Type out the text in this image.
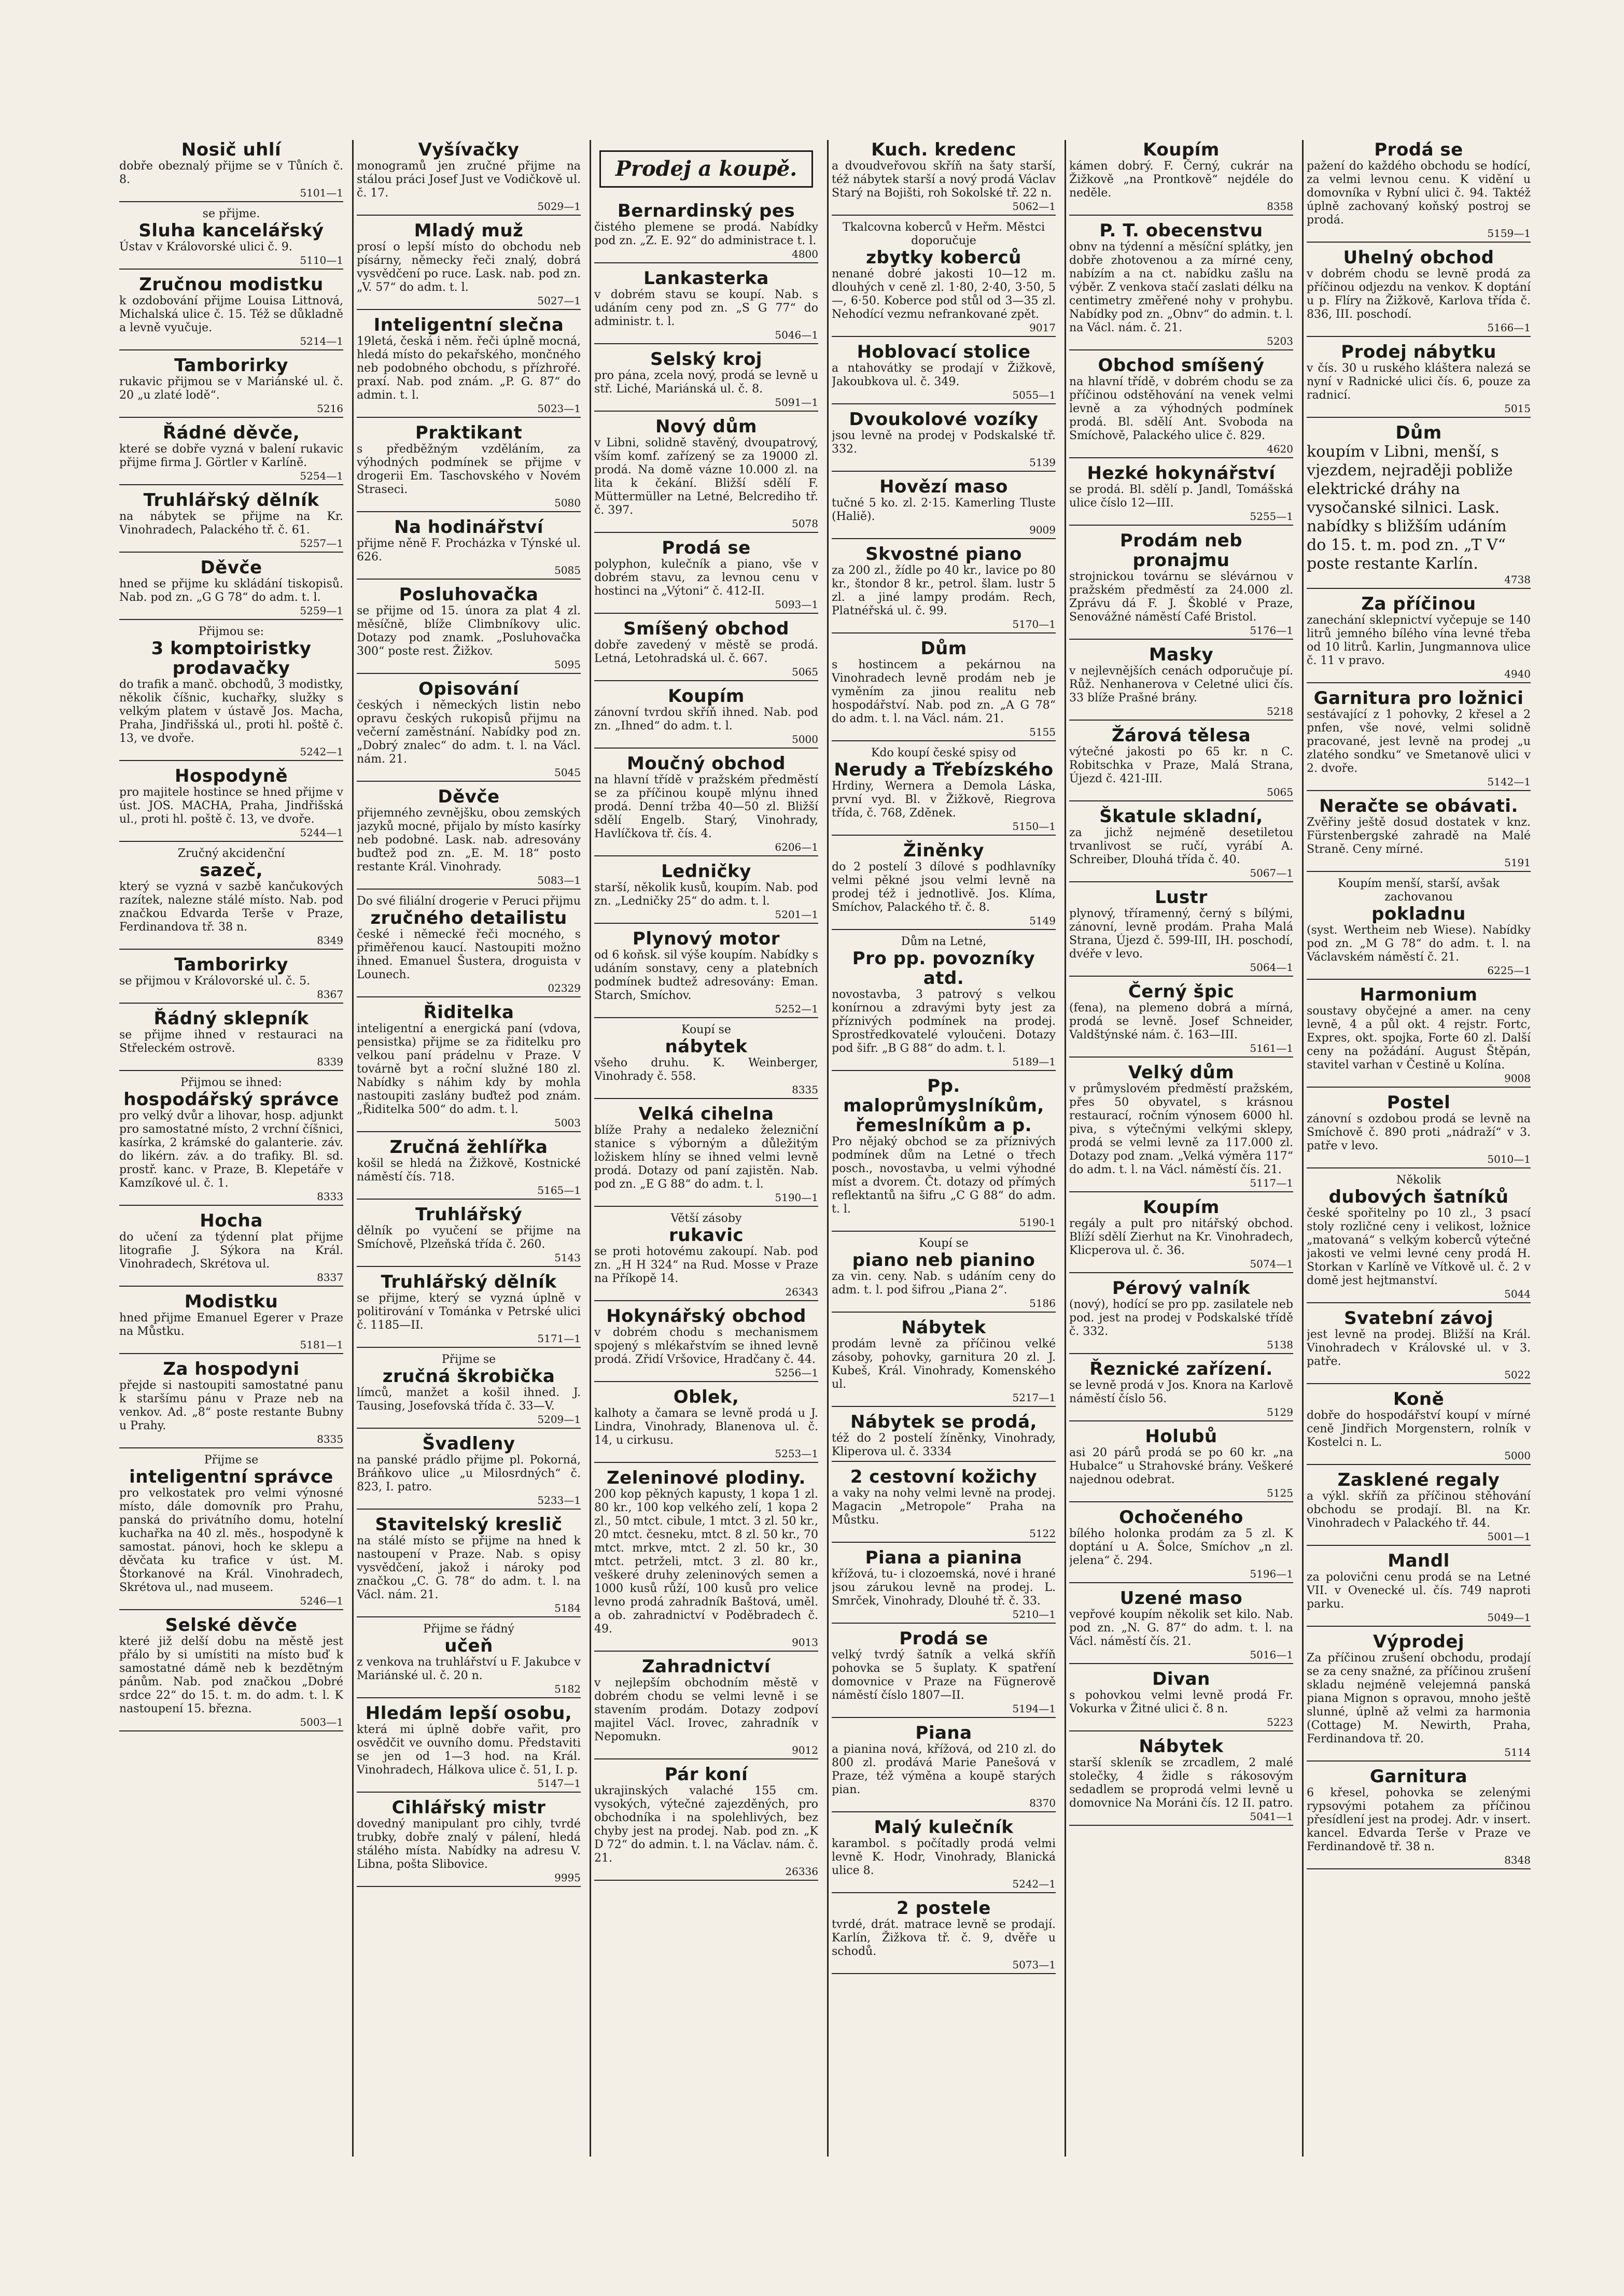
Nosič uhlí
dobře obeznalý přijme se v Tůních č. 8.
5101—1
se přijme.
Sluha kancelářský
Ústav v Královorské ulici č. 9.
5110—1
Zručnou modistku
k ozdobování přijme Louisa Littnová, Michalská ulice č. 15. Též se důkladně a levně vyučuje.
5214—1
Tamborirky
rukavic přijmou se v Mariánské ul. č. 20 „u zlaté lodě“.
5216
Řádné děvče,
které se dobře vyzná v balení rukavic přijme firma J. Görtler v Karlíně.
5254—1
Truhlářský dělník
na nábytek se přijme na Kr. Vinohradech, Palackého tř. č. 61.
5257—1
Děvče
hned se přijme ku skládání tiskopisů. Nab. pod zn. „G G 78“ do adm. t. l.
5259—1
Přijmou se:
3 komptoiristky prodavačky
do trafik a manč. obchodů, 3 modistky, několik číšnic, kuchařky, služky s velkým platem v ústavě Jos. Macha, Praha, Jindřišská ul., proti hl. poště č. 13, ve dvoře.
5242—1
Hospodyně
pro majitele hostince se hned přijme v úst. JOS. MACHA, Praha, Jindřišská ul., proti hl. poště č. 13, ve dvoře.
5244—1
Zručný akcidenční
sazeč,
který se vyzná v sazbě kančukových razítek, nalezne stálé místo. Nab. pod značkou Edvarda Terše v Praze, Ferdinandova tř. 38 n.
8349
Tamborirky
se přijmou v Královorské ul. č. 5.
8367
Řádný sklepník
se přijme ihned v restauraci na Střeleckém ostrově.
8339
Přijmou se ihned:
hospodářský správce
pro velký dvůr a lihovar, hosp. adjunkt pro samostatné místo, 2 vrchní číšnici, kasírka, 2 krámské do galanterie. záv. do likérn. záv. a do trafiky. Bl. sd. prostř. kanc. v Praze, B. Klepetáře v Kamzíkové ul. č. 1.
8333
Hocha
do učení za týdenní plat přijme litografie J. Sýkora na Král. Vinohradech, Skrétova ul.
8337
Modistku
hned přijme Emanuel Egerer v Praze na Můstku.
5181—1
Za hospodyni
přejde si nastoupiti samostatné panu k staršímu pánu v Praze neb na venkov. Ad. „8“ poste restante Bubny u Prahy.
8335
Přijme se
inteligentní správce
pro velkostatek pro velmi výnosné místo, dále domovník pro Prahu, panská do privátního domu, hotelní kuchařka na 40 zl. měs., hospodyně k samostat. pánovi, hoch ke sklepu a děvčata ku trafice v úst. M. Štorkanové na Král. Vinohradech, Skrétova ul., nad museem.
5246—1
Selské děvče
které již delší dobu na městě jest přálo by si umístiti na místo buď k samostatné dámě neb k bezdětným pánům. Nab. pod značkou „Dobré srdce 22“ do 15. t. m. do adm. t. l. K nastoupení 15. března.
5003—1
Vyšívačky
monogramů jen zručné přijme na stálou práci Josef Just ve Vodičkově ul. č. 17.
5029—1
Mladý muž
prosí o lepší místo do obchodu neb písárny, německy řeči znalý, dobrá vysvědčení po ruce. Lask. nab. pod zn. „V. 57“ do adm. t. l.
5027—1
Inteligentní slečna
19letá, česká i něm. řeči úplně mocná, hledá místo do pekařského, mončného neb podobného obchodu, s přízhrořé. praxí. Nab. pod znám. „P. G. 87“ do admin. t. l.
5023—1
Praktikant
s předběžným vzděláním, za výhodných podmínek se přijme v drogerii Em. Taschovského v Novém Straseci.
5080
Na hodinářství
přijme něně F. Procházka v Týnské ul. 626.
5085
Posluhovačka
se přijme od 15. února za plat 4 zl. měsíčně, blíže Climbníkovy ulic. Dotazy pod znamk. „Posluhovačka 300“ poste rest. Žižkov.
5095
Opisování
českých i německých listin nebo opravu českých rukopisů přijmu na večerní zaměstnání. Nabídky pod zn. „Dobrý znalec“ do adm. t. l. na Václ. nám. 21.
5045
Děvče
přijemného zevnějšku, obou zemských jazyků mocné, přijalo by místo kasírky neb podobné. Lask. nab. adresovány buďtež pod zn. „E. M. 18“ posto restante Král. Vinohrady.
5083—1
Do své filiální drogerie v Peruci přijmu
zručného detailistu
české i německé řeči mocného, s přiměřenou kaucí. Nastoupiti možno ihned. Emanuel Šustera, droguista v Lounech.
02329
Řiditelka
inteligentní a energická paní (vdova, pensistka) přijme se za řiditelku pro velkou paní prádelnu v Praze. V továrně byt a roční služné 180 zl. Nabídky s náhim kdy by mohla nastoupiti zaslány buďtež pod znám. „Řiditelka 500“ do adm. t. l.
5003
Zručná žehlířka
košil se hledá na Žižkově, Kostnické náměstí čís. 718.
5165—1
Truhlářský
dělník po vyučení se přijme na Smíchově, Plzeňská třída č. 260.
5143
Truhlářský dělník
se přijme, který se vyzná úplně v politirování v Tománka v Petrské ulici č. 1185—II.
5171—1
Přijme se
zručná škrobička
límců, manžet a košil ihned. J. Tausing, Josefovská třída č. 33—V.
5209—1
Švadleny
na panské prádlo přijme pl. Pokorná, Bráňkovo ulice „u Milosrdných“ č. 823, I. patro.
5233—1
Stavitelský kreslič
na stálé místo se přijme na hned k nastoupení v Praze. Nab. s opisy vysvědčení, jakož i nároky pod značkou „C. G. 78“ do adm. t. l. na Václ. nám. 21.
5184
Přijme se řádný
učeň
z venkova na truhlářství u F. Jakubce v Mariánské ul. č. 20 n.
5182
Hledám lepší osobu,
která mi úplně dobře vařit, pro osvědčit ve ouvního domu. Představiti se jen od 1—3 hod. na Král. Vinohradech, Hálkova ulice č. 51, I. p.
5147—1
Cihlářský mistr
dovedný manipulant pro cihly, tvrdé trubky, dobře znalý v pálení, hledá stálého místa. Nabídky na adresu V. Libna, pošta Slibovice.
9995
Prodej a koupě.
Bernardinský pes
čistého plemene se prodá. Nabídky pod zn. „Z. E. 92“ do administrace t. l.
4800
Lankasterka
v dobrém stavu se koupí. Nab. s udáním ceny pod zn. „S G 77“ do administr. t. l.
5046—1
Selský kroj
pro pána, zcela nový, prodá se levně u stř. Liché, Mariánská ul. č. 8.
5091—1
Nový dům
v Libni, solidně stavěný, dvoupatrový, vším komf. zařízený se za 19000 zl. prodá. Na domě vázne 10.000 zl. na lita k čekání. Bližší sdělí F. Müttermüller na Letné, Belcrediho tř. č. 397.
5078
Prodá se
polyphon, kulečník a piano, vše v dobrém stavu, za levnou cenu v hostinci na „Výtoni“ č. 412-II.
5093—1
Smíšený obchod
dobře zavedený v městě se prodá. Letná, Letohradská ul. č. 667.
5065
Koupím
zánovní tvrdou skříň ihned. Nab. pod zn. „Ihned“ do adm. t. l.
5000
Moučný obchod
na hlavní třídě v pražském předměstí se za příčinou koupě mlýnu ihned prodá. Denní tržba 40—50 zl. Bližší sdělí Engelb. Starý, Vinohrady, Havlíčkova tř. čís. 4.
6206—1
Ledničky
starší, několik kusů, koupím. Nab. pod zn. „Ledničky 25“ do adm. t. l.
5201—1
Plynový motor
od 6 koňsk. sil výše koupím. Nabídky s udáním sonstavy, ceny a platebních podmínek budtež adresovány: Eman. Starch, Smíchov.
5252—1
Koupí se
nábytek
všeho druhu. K. Weinberger, Vinohrady č. 558.
8335
Velká cihelna
blíže Prahy a nedaleko železniční stanice s výborným a důležitým ložiskem hlíny se ihned velmi levně prodá. Dotazy od paní zajistěn. Nab. pod zn. „E G 88“ do adm. t. l.
5190—1
Větší zásoby
rukavic
se proti hotovému zakoupí. Nab. pod zn. „H H 324“ na Rud. Mosse v Praze na Příkopě 14.
26343
Hokynářský obchod
v dobrém chodu s mechanismem spojený s mlékařstvím se ihned levně prodá. Zřidí Vršovice, Hradčany č. 44.
5256—1
Oblek,
kalhoty a čamara se levně prodá u J. Lindra, Vinohrady, Blanenova ul. č. 14, u cirkusu.
5253—1
Zeleninové plodiny.
200 kop pěkných kapusty, 1 kopa 1 zl. 80 kr., 100 kop velkého zelí, 1 kopa 2 zl., 50 mtct. cibule, 1 mtct. 3 zl. 50 kr., 20 mtct. česneku, mtct. 8 zl. 50 kr., 70 mtct. mrkve, mtct. 2 zl. 50 kr., 30 mtct. petrželi, mtct. 3 zl. 80 kr., veškeré druhy zeleninových semen a 1000 kusů růží, 100 kusů pro velice levno prodá zahradník Baštová, uměl. a ob. zahradnictví v Poděbradech č. 49.
9013
Zahradnictví
v nejlepším obchodním městě v dobrém chodu se velmi levně i se stavením prodám. Dotazy zodpoví majitel Václ. Irovec, zahradník v Nepomukn.
9012
Pár koní
ukrajinských valaché 155 cm. vysokých, výtečné zajezděných, pro obchodníka i na spolehlivých, bez chyby jest na prodej. Nab. pod zn. „K D 72“ do admin. t. l. na Václav. nám. č. 21.
26336
Kuch. kredenc
a dvoudveřovou skříň na šaty starší, též nábytek starší a nový prodá Václav Starý na Bojišti, roh Sokolské tř. 22 n.
5062—1
Tkalcovna koberců v Heřm. Městci doporučuje
zbytky koberců
nenané dobré jakosti 10—12 m. dlouhých v ceně zl. 1·80, 2·40, 3·50, 5—, 6·50. Koberce pod stůl od 3—35 zl. Nehodící vezmu nefrankované zpět.
9017
Hoblovací stolice
a ntahovátky se prodají v Žižkově, Jakoubkova ul. č. 349.
5055—1
Dvoukolové vozíky
jsou levně na prodej v Podskalské tř. 332.
5139
Hovězí maso
tučné 5 ko. zl. 2·15. Kamerling Tluste (Haliě).
9009
Skvostné piano
za 200 zl., žídle po 40 kr., lavice po 80 kr., štondor 8 kr., petrol. šlam. lustr 5 zl. a jiné lampy prodám. Rech, Platnéřská ul. č. 99.
5170—1
Dům
s hostincem a pekárnou na Vinohradech levně prodám neb je vyměním za jinou realitu neb hospodářství. Nab. pod zn. „A G 78“ do adm. t. l. na Václ. nám. 21.
5155
Kdo koupí české spisy od
Nerudy a Třebízského
Hrdiny, Wernera a Demola Láska, první vyd. Bl. v Žižkově, Riegrova třída, č. 768, Zděnek.
5150—1
Žiněnky
do 2 postelí 3 dílové s podhlavníky velmi pěkné jsou velmi levně na prodej též i jednotlivě. Jos. Klíma, Smíchov, Palackého tř. č. 8.
5149
Dům na Letné,
Pro pp. povozníky atd.
novostavba, 3 patrový s velkou konírnou a zdravými byty jest za příznivých podmínek na prodej. Sprostředkovatelé vyloučeni. Dotazy pod šifr. „B G 88“ do adm. t. l.
5189—1
Pp. maloprůmyslníkům, řemeslníkům a p.
Pro nějaký obchod se za příznivých podmínek dům na Letné o třech posch., novostavba, u velmi výhodné míst a dvorem. Čt. dotazy od přímých reflektantů na šifru „C G 88“ do adm. t. l.
5190-1
Koupí se
piano neb pianino
za vin. ceny. Nab. s udáním ceny do adm. t. l. pod šifrou „Piana 2“.
5186
Nábytek
prodám levně za příčinou velké zásoby, pohovky, garnitura 20 zl. J. Kubeš, Král. Vinohrady, Komenského ul.
5217—1
Nábytek se prodá,
též do 2 postelí žíněnky, Vinohrady, Kliperova ul. č. 3334
2 cestovní kožichy
a vaky na nohy velmi levně na prodej. Magacin „Metropole“ Praha na Můstku.
5122
Piana a pianina
křížová, tu- i clozoemská, nové i hrané jsou zárukou levně na prodej. L. Smrček, Vinohrady, Dlouhé tř. č. 33.
5210—1
Prodá se
velký tvrdý šatník a velká skříň pohovka se 5 šuplaty. K spatření domovnice v Praze na Fügnerově náměstí číslo 1807—II.
5194—1
Piana
a pianina nová, křížová, od 210 zl. do 800 zl. prodává Marie Panešová v Praze, též výměna a koupě starých pian.
8370
Malý kulečník
karambol. s počítadly prodá velmi levně K. Hodr, Vinohrady, Blanická ulice 8.
5242—1
2 postele
tvrdé, drát. matrace levně se prodají. Karlín, Žižkova tř. č. 9, dvěře u schodů.
5073—1
Koupím
kámen dobrý. F. Černý, cukrár na Žižkově „na Prontkově“ nejdéle do neděle.
8358
P. T. obecenstvu
obnv na týdenní a měsíční splátky, jen dobře zhotovenou a za mírné ceny, nabízím a na ct. nabídku zašlu na výběr. Z venkova stačí zaslati délku na centimetry změřené nohy v prohybu. Nabídky pod zn. „Obnv“ do admin. t. l. na Václ. nám. č. 21.
5203
Obchod smíšený
na hlavní třídě, v dobrém chodu se za příčinou odstěhování na venek velmi levně a za výhodných podmínek prodá. Bl. sdělí Ant. Svoboda na Smíchově, Palackého ulice č. 829.
4620
Hezké hokynářství
se prodá. Bl. sdělí p. Jandl, Tomášská ulice číslo 12—III.
5255—1
Prodám neb pronajmu
strojnickou továrnu se slévárnou v pražském předměstí za 24.000 zl. Zprávu dá F. J. Škoblé v Praze, Senovážné náměstí Café Bristol.
5176—1
Masky
v nejlevnějších cenách odporučuje pí. Růž. Nenhanerova v Celetné ulici čís. 33 blíže Prašné brány.
5218
Žárová tělesa
výtečné jakosti po 65 kr. n C. Robitschka v Praze, Malá Strana, Újezd č. 421-III.
5065
Škatule skladní,
za jichž nejméně desetiletou trvanlivost se ručí, vyrábí A. Schreiber, Dlouhá třída č. 40.
5067—1
Lustr
plynový, tříramenný, černý s bílými, zánovní, levně prodám. Praha Malá Strana, Újezd č. 599-III, IH. poschodí, dvéře v levo.
5064—1
Černý špic
(fena), na plemeno dobrá a mírná, prodá se levně. Josef Schneider, Valdštýnské nám. č. 163—III.
5161—1
Velký dům
v průmyslovém předměstí pražském, přes 50 obyvatel, s krásnou restaurací, ročním výnosem 6000 hl. piva, s výtečnými velkými sklepy, prodá se velmi levně za 117.000 zl. Dotazy pod znam. „Velká výměra 117“ do adm. t. l. na Václ. náměstí čís. 21.
5117—1
Koupím
regály a pult pro nitářský obchod. Blíží sdělí Zierhut na Kr. Vinohradech, Klicperova ul. č. 36.
5074—1
Pérový valník
(nový), hodící se pro pp. zasilatele neb pod. jest na prodej v Podskalské třídě č. 332.
5138
Řeznické zařízení.
se levně prodá v Jos. Knora na Karlově náměstí číslo 56.
5129
Holubů
asi 20 párů prodá se po 60 kr. „na Hubalce“ u Strahovské brány. Veškeré najednou odebrat.
5125
Ochočeného
bílého holonka prodám za 5 zl. K doptání u A. Šolce, Smíchov „n zl. jelena“ č. 294.
5196—1
Uzené maso
vepřové koupím několik set kilo. Nab. pod zn. „N. G. 87“ do adm. t. l. na Václ. náměstí čís. 21.
5016—1
Divan
s pohovkou velmi levně prodá Fr. Vokurka v Žitné ulici č. 8 n.
5223
Nábytek
starší skleník se zrcadlem, 2 malé stolečky, 4 židle s rákosovým sedadlem se proprodá velmi levně u domovnice Na Moráni čís. 12 II. patro.
5041—1
Prodá se
pažení do každého obchodu se hodící, za velmi levnou cenu. K vidění u domovníka v Rybní ulici č. 94. Taktéž úplně zachovaný koňský postroj se prodá.
5159—1
Uhelný obchod
v dobrém chodu se levně prodá za příčinou odjezdu na venkov. K doptání u p. Flíry na Žižkově, Karlova třída č. 836, III. poschodí.
5166—1
Prodej nábytku
v čís. 30 u ruského kláštera nalezá se nyní v Radnické ulici čís. 6, pouze za radnicí.
5015
Dům
koupím v Libni, menší, s vjezdem, nejraději pobliže elektrické dráhy na vysočanské silnici. Lask. nabídky s bližším udáním do 15. t. m. pod zn. „T V“ poste restante Karlín.
4738
Za příčinou
zanechání sklepnictví vyčepuje se 140 litrů jemného bílého vína levné třeba od 10 litrů. Karlin, Jungmannova ulice č. 11 v pravo.
4940
Garnitura pro ložnici
sestávající z 1 pohovky, 2 křesel a 2 pnfen, vše nové, velmi solidně pracované, jest levně na prodej „u zlatého sondku“ ve Smetanově ulici v 2. dvoře.
5142—1
Neračte se obávati.
Zvěřiny ještě dosud dostatek v knz. Fürstenbergské zahradě na Malé Straně. Ceny mírné.
5191
Koupím menší, starší, avšak zachovanou
pokladnu
(syst. Wertheim neb Wiese). Nabídky pod zn. „M G 78“ do adm. t. l. na Václavském náměstí č. 21.
6225—1
Harmonium
soustavy obyčejné a amer. na ceny levně, 4 a půl okt. 4 rejstr. Fortc, Expres, okt. spojka, Forte 60 zl. Další ceny na požádání. August Štěpán, stavitel varhan v Čestině u Kolína.
9008
Postel
zánovní s ozdobou prodá se levně na Smíchově č. 890 proti „nádraží“ v 3. patře v levo.
5010—1
Několik
dubových šatníků
české spořitelny po 10 zl., 3 psací stoly rozličné ceny i velikost, ložnice „matovaná“ s velkým koberců výtečné jakosti ve velmi levné ceny prodá H. Storkan v Karlíně ve Vítkově ul. č. 2 v domě jest hejtmanství.
5044
Svatební závoj
jest levně na prodej. Bližší na Král. Vinohradech v Královské ul. v 3. patře.
5022
Koně
dobře do hospodářství koupí v mírné ceně Jindřich Morgenstern, rolník v Kostelci n. L.
5000
Zasklené regaly
a výkl. skříň za příčinou stěhování obchodu se prodají. Bl. na Kr. Vinohradech v Palackého tř. 44.
5001—1
Mandl
za polovični cenu prodá se na Letné VII. v Ovenecké ul. čís. 749 naproti parku.
5049—1
Výprodej
Za příčinou zrušení obchodu, prodají se za ceny snažné, za příčinou zrušení skladu nejméně velejemná panská piana Mignon s opravou, mnoho ještě slunné, úplně až velmi za harmonia (Cottage) M. Newirth, Praha, Ferdinandova tř. 20.
5114
Garnitura
6 křesel, pohovka se zelenými rypsovými potahem za příčinou přesídlení jest na prodej. Adr. v insert. kancel. Edvarda Terše v Praze ve Ferdinandově tř. 38 n.
8348
